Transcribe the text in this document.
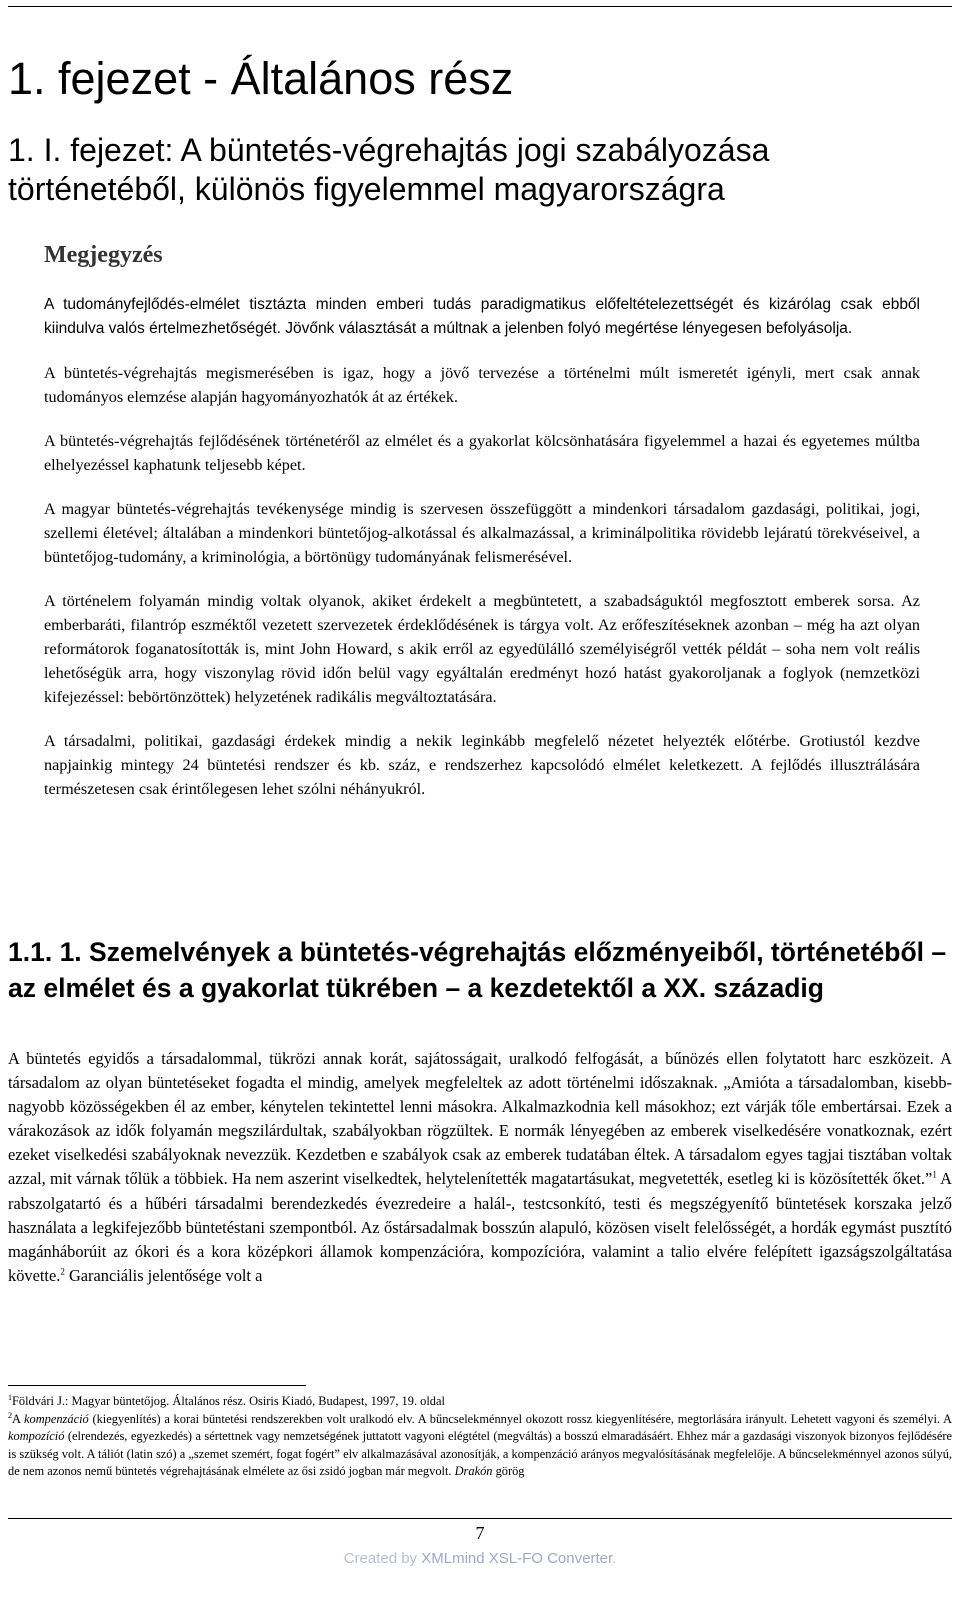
1. fejezet - Általános rész
1. I. fejezet: A büntetés-végrehajtás jogi szabályozása történetéből, különös figyelemmel magyarországra
Megjegyzés

A tudományfejlődés-elmélet tisztázta minden emberi tudás paradigmatikus előfeltételezettségét és kizárólag csak ebből kiindulva valós értelmezhetőségét. Jövőnk választását a múltnak a jelenben folyó megértése lényegesen befolyásolja.

A büntetés-végrehajtás megismerésében is igaz, hogy a jövő tervezése a történelmi múlt ismeretét igényli, mert csak annak tudományos elemzése alapján hagyományozhatók át az értékek.

A büntetés-végrehajtás fejlődésének történetéről az elmélet és a gyakorlat kölcsönhatására figyelemmel a hazai és egyetemes múltba elhelyezéssel kaphatunk teljesebb képet.

A magyar büntetés-végrehajtás tevékenysége mindig is szervesen összefüggött a mindenkori társadalom gazdasági, politikai, jogi, szellemi életével; általában a mindenkori büntetőjog-alkotással és alkalmazással, a kriminálpolitika rövidebb lejáratú törekvéseivel, a büntetőjog-tudomány, a kriminológia, a börtönügy tudományának felismerésével.

A történelem folyamán mindig voltak olyanok, akiket érdekelt a megbüntetett, a szabadságuktól megfosztott emberek sorsa. Az emberbaráti, filantróp eszméktől vezetett szervezetek érdeklődésének is tárgya volt. Az erőfeszítéseknek azonban – még ha azt olyan reformátorok foganatosították is, mint John Howard, s akik erről az egyedülálló személyiségről vették példát – soha nem volt reális lehetőségük arra, hogy viszonylag rövid időn belül vagy egyáltalán eredményt hozó hatást gyakoroljanak a foglyok (nemzetközi kifejezéssel: bebörtönzöttek) helyzetének radikális megváltoztatására.

A társadalmi, politikai, gazdasági érdekek mindig a nekik leginkább megfelelő nézetet helyezték előtérbe. Grotiustól kezdve napjainkig mintegy 24 büntetési rendszer és kb. száz, e rendszerhez kapcsolódó elmélet keletkezett. A fejlődés illusztrálására természetesen csak érintőlegesen lehet szólni néhányukról.

1.1. 1. Szemelvények a büntetés-végrehajtás előzményeiből, történetéből – az elmélet és a gyakorlat tükrében – a kezdetektől a XX. századig

A büntetés egyidős a társadalommal, tükrözi annak korát, sajátosságait, uralkodó felfogását, a bűnözés ellen folytatott harc eszközeit. A társadalom az olyan büntetéseket fogadta el mindig, amelyek megfeleltek az adott történelmi időszaknak. „Amióta a társadalomban, kisebb-nagyobb közösségekben él az ember, kénytelen tekintettel lenni másokra. Alkalmazkodnia kell másokhoz; ezt várják tőle embertársai. Ezek a várakozások az idők folyamán megszilárdultak, szabályokban rögzültek. E normák lényegében az emberek viselkedésére vonatkoznak, ezért ezeket viselkedési szabályoknak nevezzük. Kezdetben e szabályok csak az emberek tudatában éltek. A társadalom egyes tagjai tisztában voltak azzal, mit várnak tőlük a többiek. Ha nem aszerint viselkedtek, helytelenítették magatartásukat, megvetették, esetleg ki is közösítették őket.”$^1$ A rabszolgatartó és a hűbéri társadalmi berendezkedés évezredeire a halál-, testcsonkító, testi és megszégyenítő büntetések korszaka jelző használata a legkifejezőbb büntetéstani szempontból. Az őstársadalmak bosszún alapuló, közösen viselt felelősségét, a hordák egymást pusztító magánháborúit az ókori és a kora középkori államok kompenzációra, kompozícióra, valamint a talio elvére felépített igazságszolgáltatása követte.$^2$ Garanciális jelentősége volt a

$^1$Földvári J.: Magyar büntetőjog. Általános rész. Osiris Kiadó, Budapest, 1997, 19. oldal

$^2$A kompenzáció (kiegyenlítés) a korai büntetési rendszerekben volt uralkodó elv. A bűncselekménnyel okozott rossz kiegyenlítésére, megtorlására irányult. Lehetett vagyoni és személyi. A kompozíció (elrendezés, egyezkedés) a sértettnek vagy nemzetségének juttatott vagyoni elégtétel (megváltás) a bosszú elmaradásáért. Ehhez már a gazdasági viszonyok bizonyos fejlődésére is szükség volt. A táliót (latin szó) a „szemet szemért, fogat fogért” elv alkalmazásával azonosítják, a kompenzáció arányos megvalósításának megfelelője. A bűncselekménnyel azonos súlyú, de nem azonos nemű büntetés végrehajtásának elmélete az ősi zsidó jogban már megvolt. Drakón görög

7
Created by XMLmind XSL-FO Converter.
